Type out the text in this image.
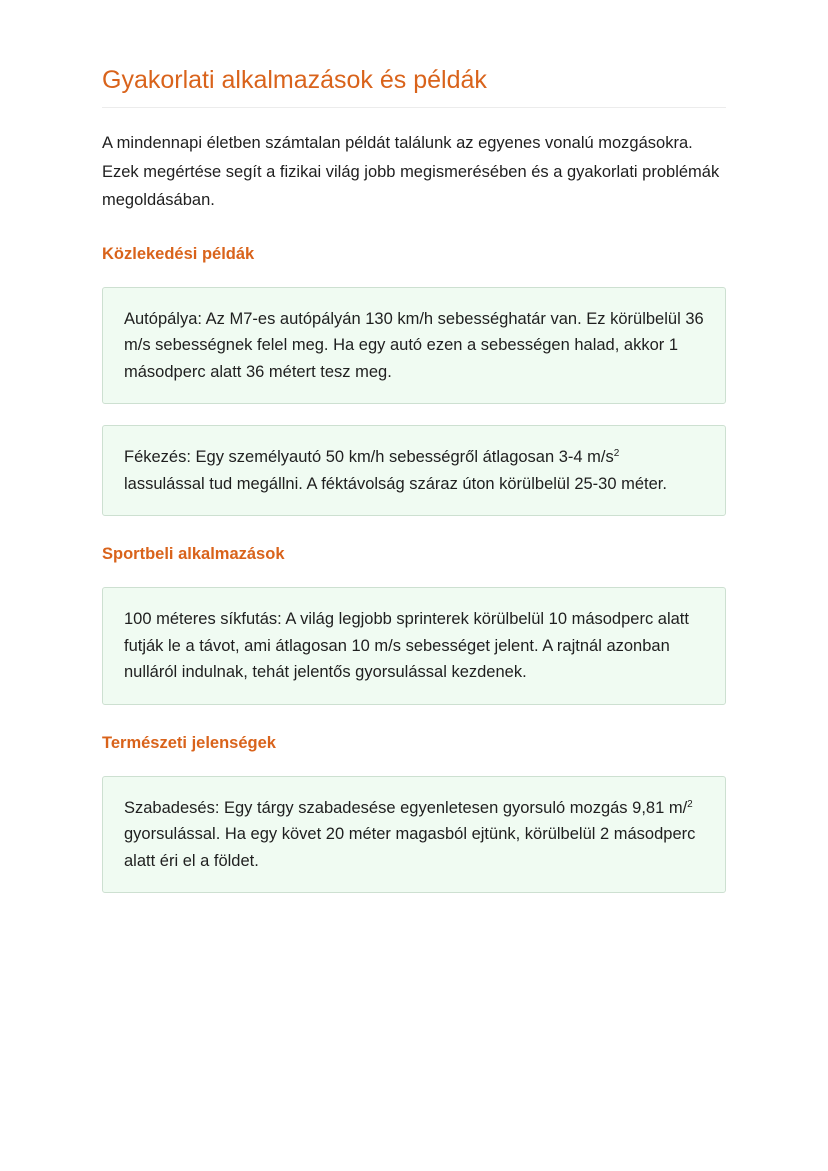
Gyakorlati alkalmazások és példák

A mindennapi életben számtalan példát találunk az egyenes vonalú mozgásokra. Ezek megértése segít a fizikai világ jobb megismerésében és a gyakorlati problémák megoldásában.

Közlekedési példák
Autópálya: Az M7-es autópályán 130 km/h sebességhatár van. Ez körülbelül 36 m/s sebességnek felel meg. Ha egy autó ezen a sebességen halad, akkor 1 másodperc alatt 36 métert tesz meg.
Fékezés: Egy személyautó 50 km/h sebességről átlagosan 3-4 $m/s^2$ lassulással tud megállni. A féktávolság száraz úton körülbelül 25-30 méter.
Sportbeli alkalmazások
100 méteres síkfutás: A világ legjobb sprinterek körülbelül 10 másodperc alatt futják le a távot, ami átlagosan 10 m/s sebességet jelent. A rajtnál azonban nulláról indulnak, tehát jelentős gyorsulással kezdenek.
Természeti jelenségek
Szabadesés: Egy tárgy szabadesése egyenletesen gyorsuló mozgás 9,81 m/$^2$ gyorsulással. Ha egy követ 20 méter magasból ejtünk, körülbelül 2 másodperc alatt éri el a földet.
